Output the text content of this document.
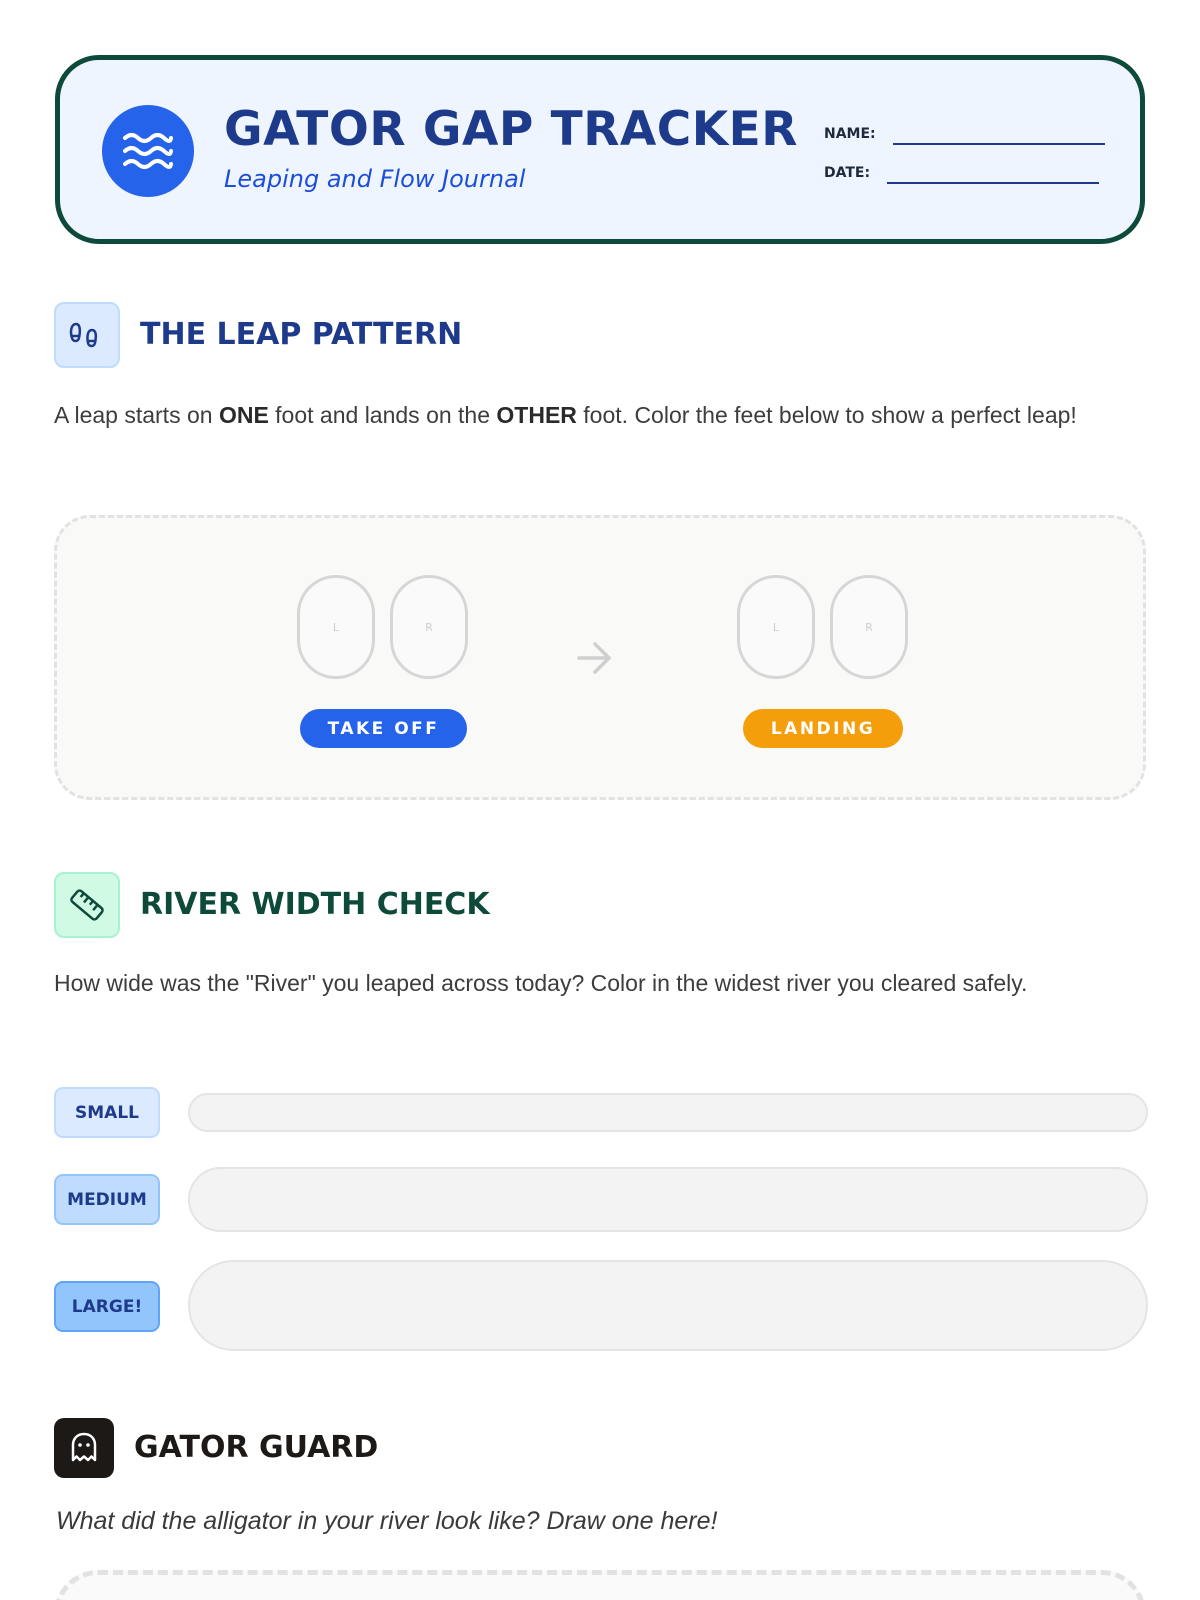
GATOR GAP TRACKER
Leaping and Flow Journal
NAME:
DATE:
THE LEAP PATTERN
A leap starts on ONE foot and lands on the OTHER foot. Color the feet below to show a perfect leap!
L	R	L	R
TAKE OFF	LANDING
RIVER WIDTH CHECK
How wide was the "River" you leaped across today? Color in the widest river you cleared safely.
SMALL
MEDIUM
LARGE!
GATOR GUARD
What did the alligator in your river look like? Draw one here!
